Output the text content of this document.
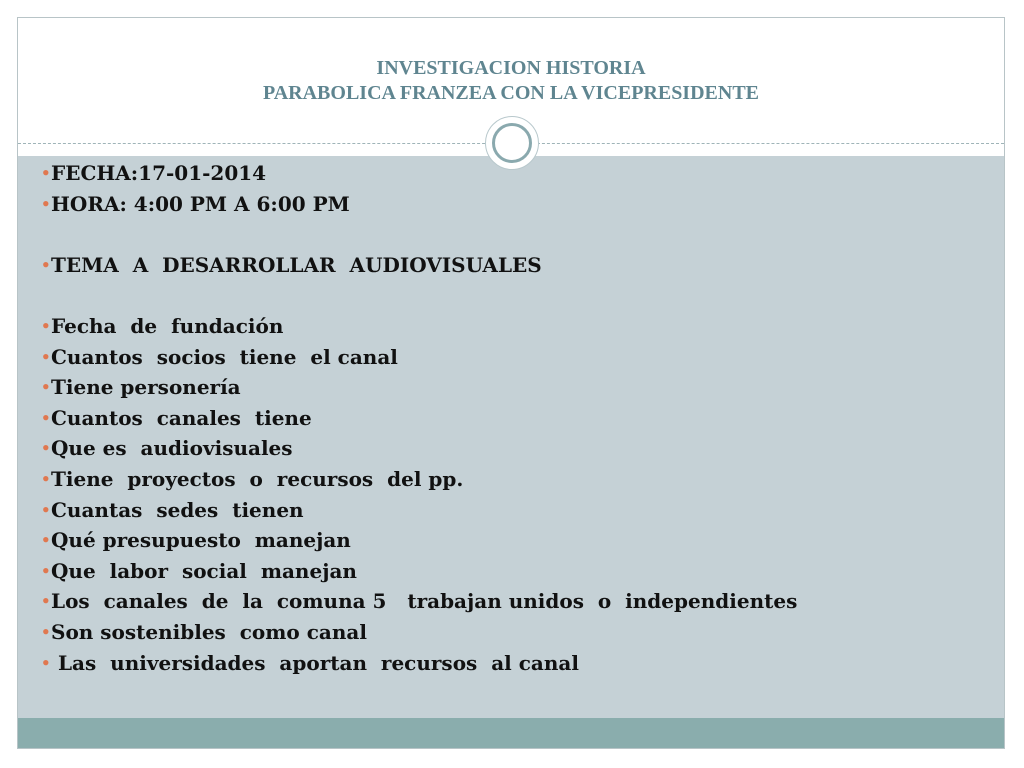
INVESTIGACION HISTORIA
PARABOLICA FRANZEA CON LA VICEPRESIDENTE
•FECHA:17-01-2014
•HORA: 4:00 PM A 6:00 PM
•TEMA  A  DESARROLLAR  AUDIOVISUALES
•Fecha  de  fundación
•Cuantos  socios  tiene  el canal
•Tiene personería
•Cuantos  canales  tiene
•Que es  audiovisuales
•Tiene  proyectos  o  recursos  del pp.
•Cuantas  sedes  tienen
•Qué presupuesto  manejan
•Que  labor  social  manejan
•Los  canales  de  la  comuna 5   trabajan unidos  o  independientes
•Son sostenibles  como canal
• Las  universidades  aportan  recursos  al canal
